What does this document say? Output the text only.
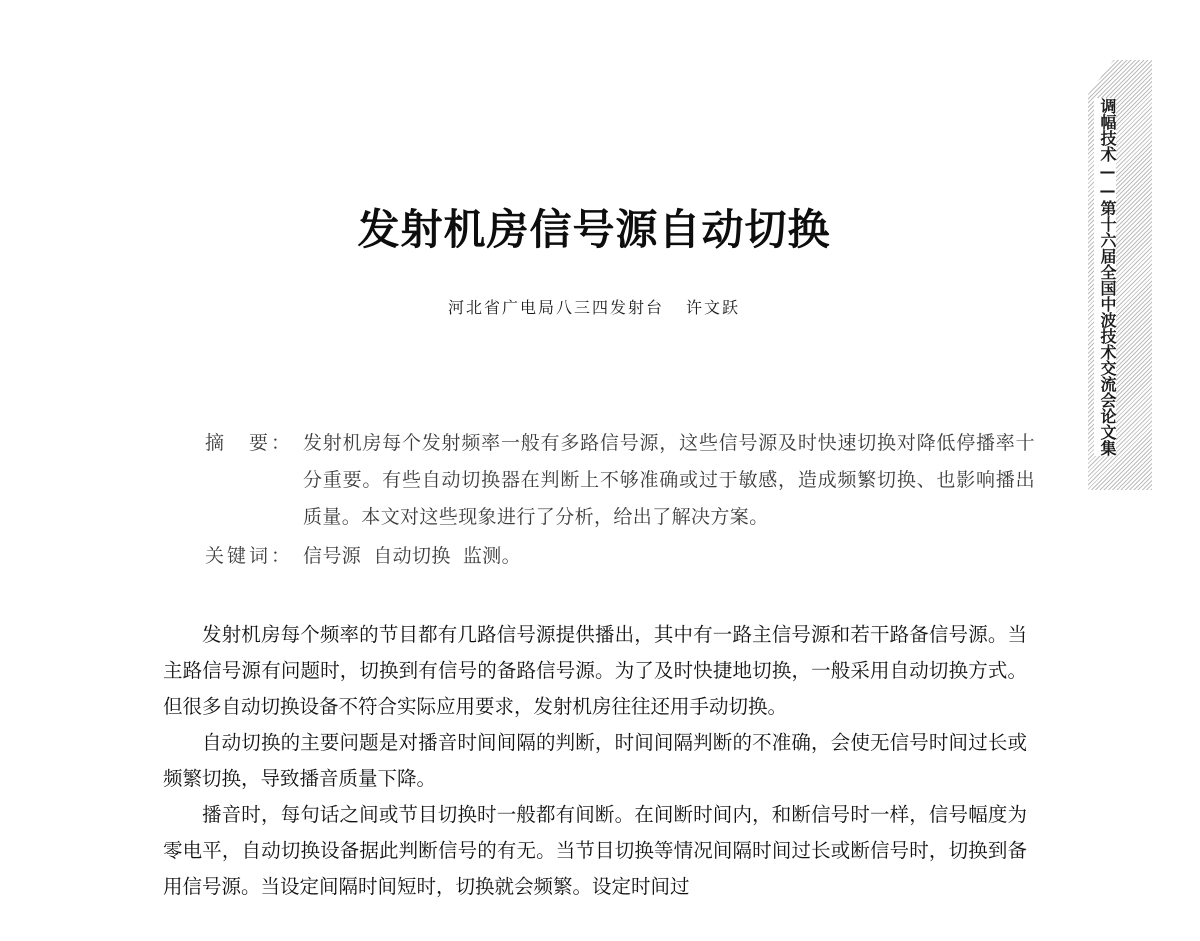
调幅技术——第十六届全国中波技术交流会论文集
发射机房信号源自动切换
河北省广电局八三四发射台 许文跃
摘　要： 发射机房每个发射频率一般有多路信号源，这些信号源及时快速切换对降低停播率十分重要。有些自动切换器在判断上不够准确或过于敏感，造成频繁切换、也影响播出质量。本文对这些现象进行了分析，给出了解决方案。
关键词： 信号源 自动切换 监测。

发射机房每个频率的节目都有几路信号源提供播出，其中有一路主信号源和若干路备信号源。当主路信号源有问题时，切换到有信号的备路信号源。为了及时快捷地切换，一般采用自动切换方式。但很多自动切换设备不符合实际应用要求，发射机房往往还用手动切换。

自动切换的主要问题是对播音时间间隔的判断，时间间隔判断的不准确，会使无信号时间过长或频繁切换，导致播音质量下降。

播音时，每句话之间或节目切换时一般都有间断。在间断时间内，和断信号时一样，信号幅度为零电平，自动切换设备据此判断信号的有无。当节目切换等情况间隔时间过长或断信号时，切换到备用信号源。当设定间隔时间短时，切换就会频繁。设定时间过
